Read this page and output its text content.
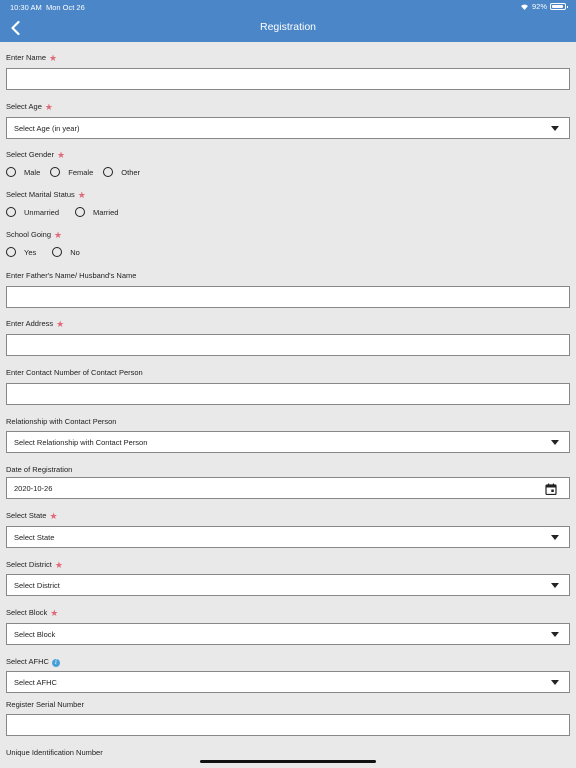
10:30 AM Mon Oct 26	92%
Registration
Enter Name ★
Select Age ★
Select Age (in year)
Select Gender ★
Male	Female	Other
Select Marital Status ★
Unmarried	Married
School Going ★
Yes	No
Enter Father's Name/ Husband's Name
Enter Address ★
Enter Contact Number of Contact Person
Relationship with Contact Person
Select Relationship with Contact Person
Date of Registration
2020-10-26
Select State ★
Select State
Select District ★
Select District
Select Block ★
Select Block
Select AFHC i
Select AFHC
Register Serial Number
Unique Identification Number
